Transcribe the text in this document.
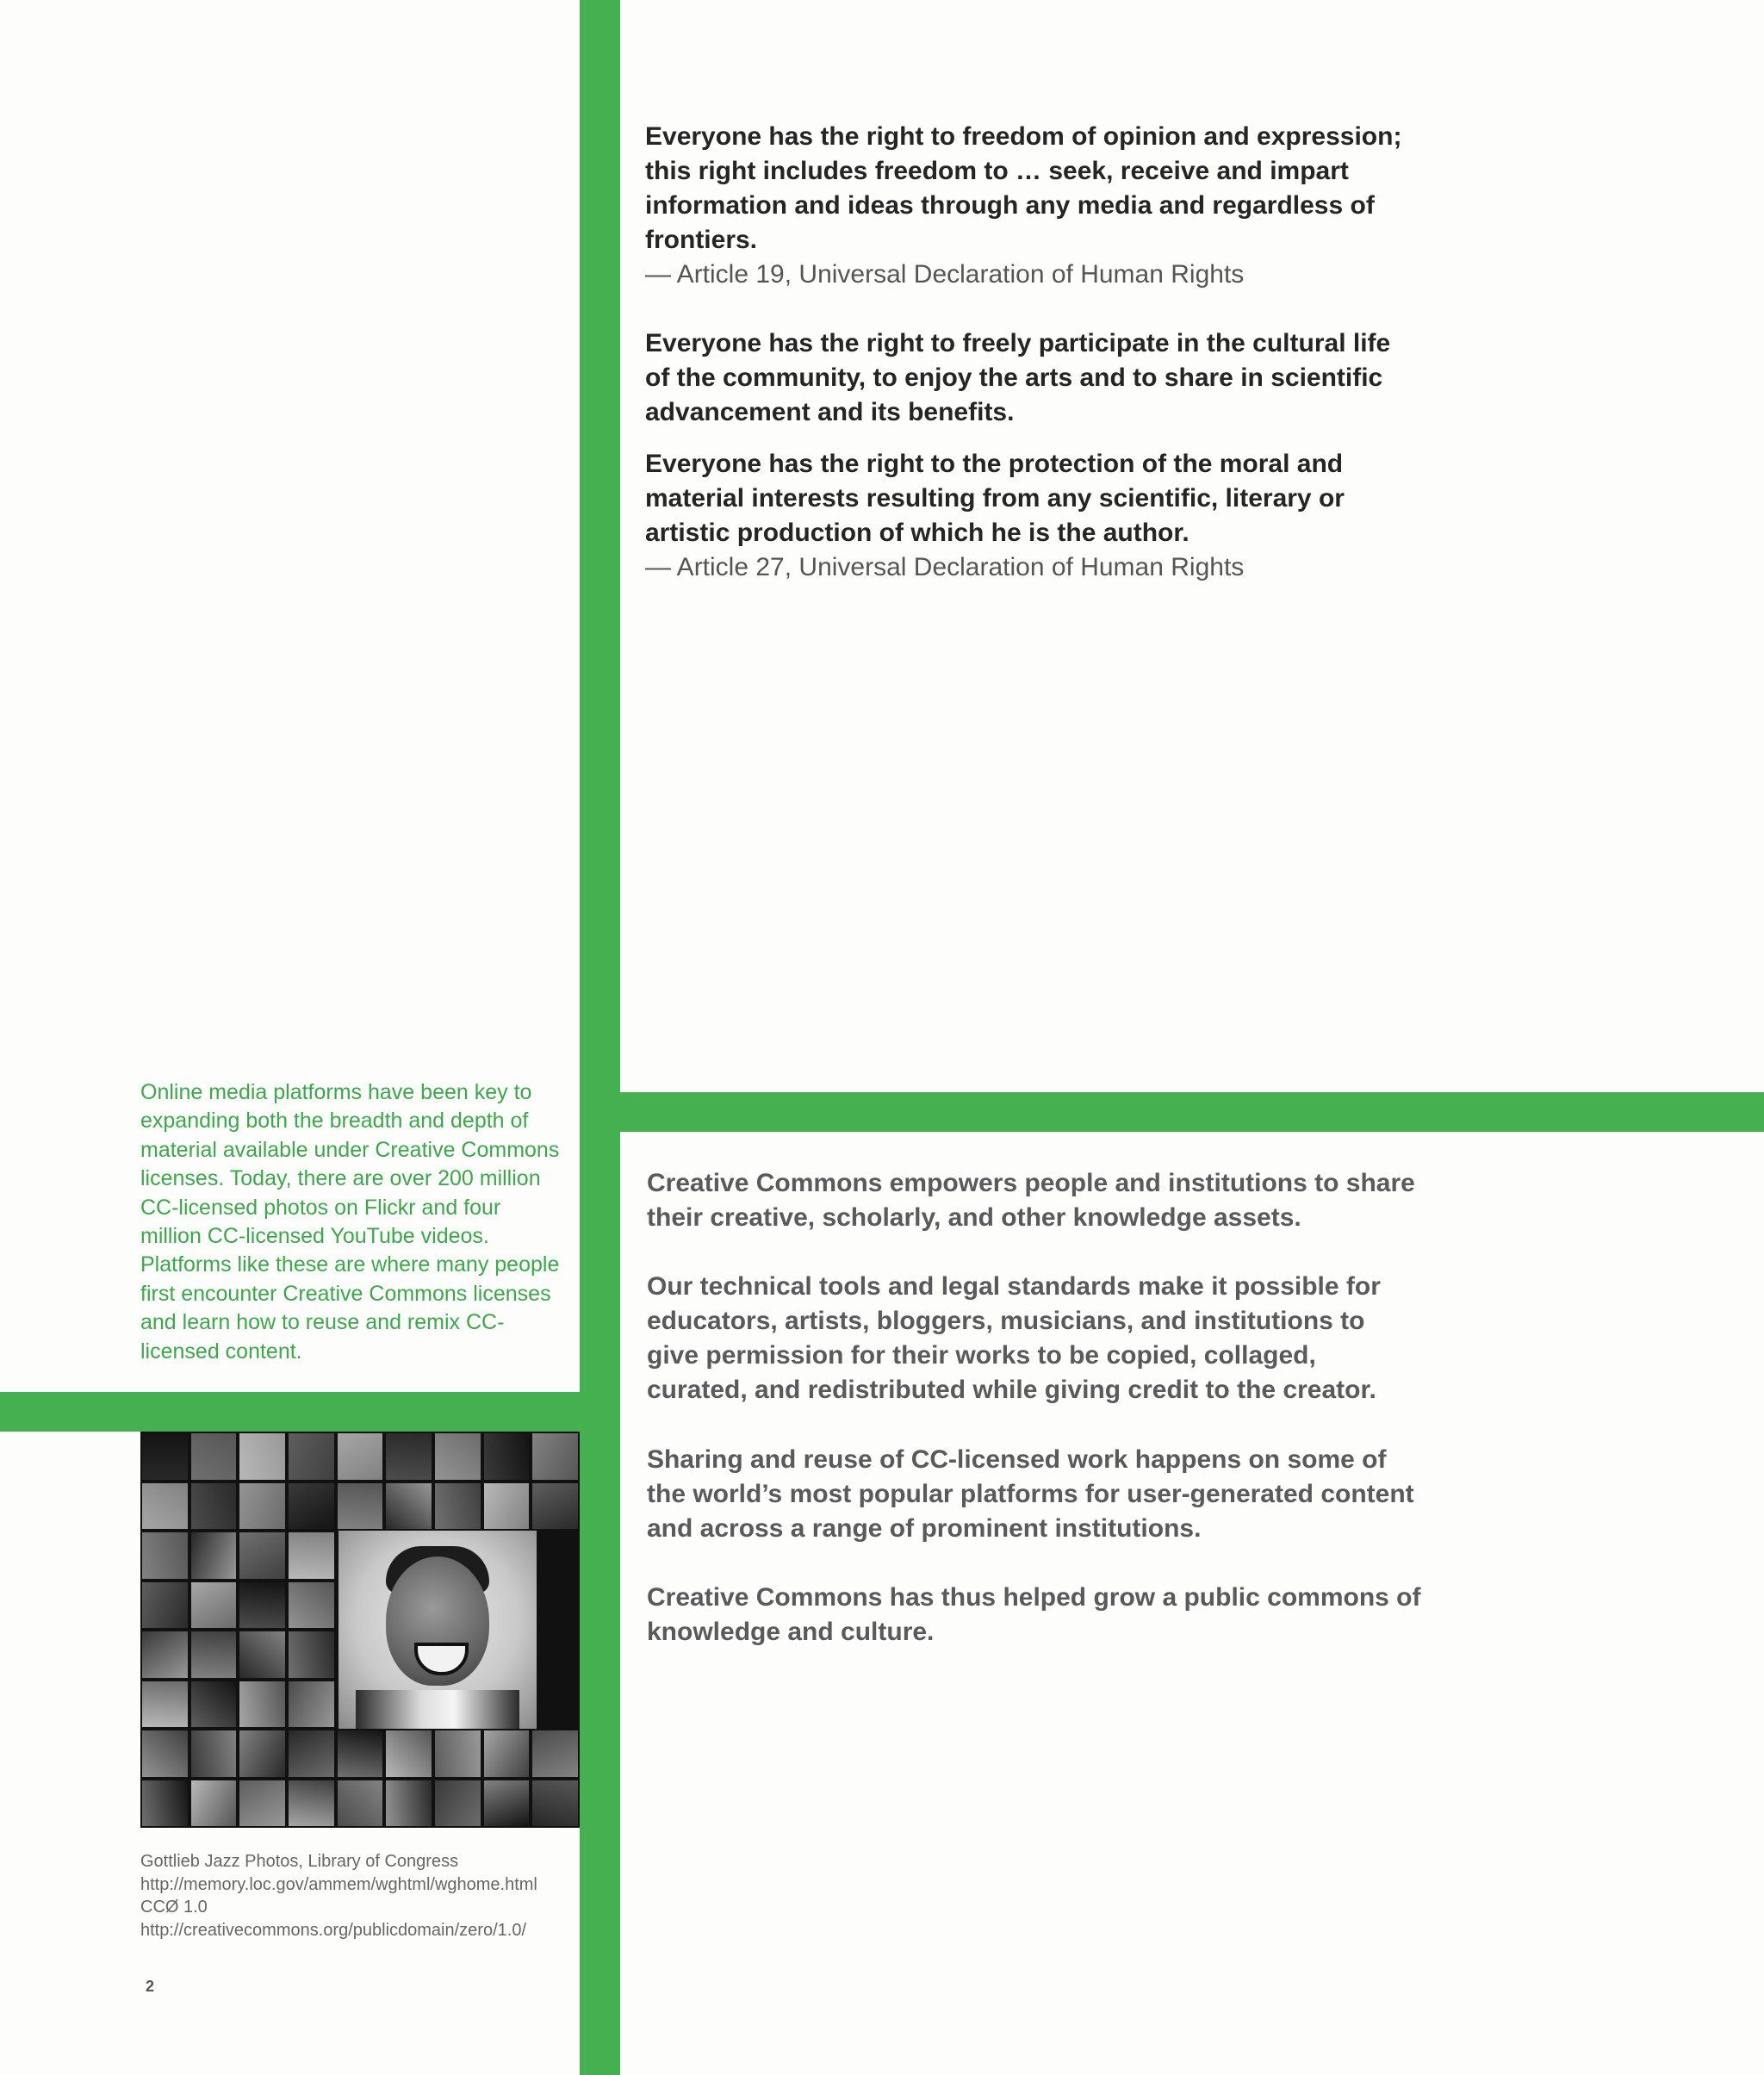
Everyone has the right to freedom of opinion and expression; this right includes freedom to … seek, receive and impart information and ideas through any media and regardless of frontiers.

— Article 19, Universal Declaration of Human Rights

Everyone has the right to freely participate in the cultural life of the community, to enjoy the arts and to share in scientific advancement and its benefits.

Everyone has the right to the protection of the moral and material interests resulting from any scientific, literary or artistic production of which he is the author.

— Article 27, Universal Declaration of Human Rights

Online media platforms have been key to expanding both the breadth and depth of material available under Creative Commons licenses. Today, there are over 200 million CC-licensed photos on Flickr and four million CC-licensed YouTube videos. Platforms like these are where many people first encounter Creative Commons licenses and learn how to reuse and remix CC-licensed content.

Creative Commons empowers people and institutions to share their creative, scholarly, and other knowledge assets.

Our technical tools and legal standards make it possible for educators, artists, bloggers, musicians, and institutions to give permission for their works to be copied, collaged, curated, and redistributed while giving credit to the creator.

Sharing and reuse of CC-licensed work happens on some of the world’s most popular platforms for user-generated content and across a range of prominent institutions.

Creative Commons has thus helped grow a public commons of knowledge and culture.

Gottlieb Jazz Photos, Library of Congress
http://memory.loc.gov/ammem/wghtml/wghome.html
CCØ 1.0
http://creativecommons.org/publicdomain/zero/1.0/
2
